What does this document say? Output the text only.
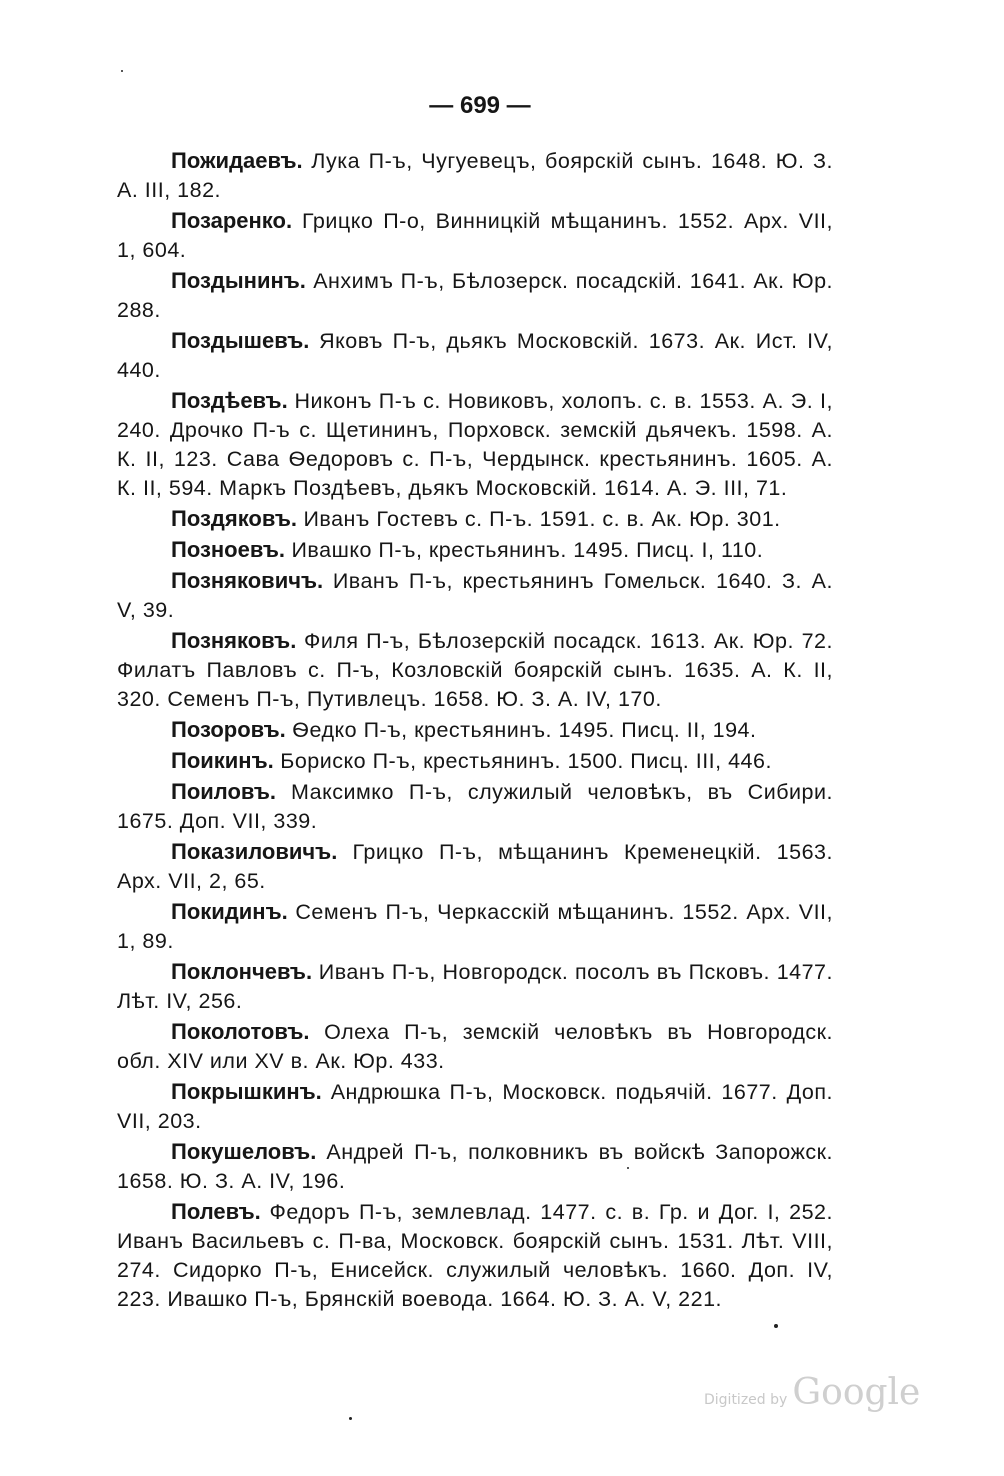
— 699 —

Пожидаевъ. Лука П-ъ, Чугуевецъ, боярскій сынъ. 1648. Ю. З. А. III, 182.

Позаренко. Грицко П-о, Винницкій мѣщанинъ. 1552. Арх. VII, 1, 604.

Поздынинъ. Анхимъ П-ъ, Бѣлозерск. посадскій. 1641. Ак. Юр. 288.

Поздышевъ. Яковъ П-ъ, дьякъ Московскій. 1673. Ак. Ист. IV, 440.

Поздѣевъ. Никонъ П-ъ с. Новиковъ, холопъ. с. в. 1553. А. Э. I, 240. Дрочко П-ъ с. Щетининъ, Порховск. земскій дьячекъ. 1598. А. К. II, 123. Сава Ѳедоровъ с. П-ъ, Чердынск. крестьянинъ. 1605. А. К. II, 594. Маркъ Поздѣевъ, дьякъ Московскій. 1614. А. Э. III, 71.

Поздяковъ. Иванъ Гостевъ с. П-ъ. 1591. с. в. Ак. Юр. 301.

Позноевъ. Ивашко П-ъ, крестьянинъ. 1495. Писц. I, 110.

Позняковичъ. Иванъ П-ъ, крестьянинъ Гомельск. 1640. З. А. V, 39.

Позняковъ. Филя П-ъ, Бѣлозерскій посадск. 1613. Ак. Юр. 72. Филатъ Павловъ с. П-ъ, Козловскій боярскій сынъ. 1635. А. К. II, 320. Семенъ П-ъ, Путивлецъ. 1658. Ю. З. А. IV, 170.

Позоровъ. Ѳедко П-ъ, крестьянинъ. 1495. Писц. II, 194.

Поикинъ. Бориско П-ъ, крестьянинъ. 1500. Писц. III, 446.

Поиловъ. Максимко П-ъ, служилый человѣкъ, въ Сибири. 1675. Доп. VII, 339.

Показиловичъ. Грицко П-ъ, мѣщанинъ Кременецкій. 1563. Арх. VII, 2, 65.

Покидинъ. Семенъ П-ъ, Черкасскій мѣщанинъ. 1552. Арх. VII, 1, 89.

Поклончевъ. Иванъ П-ъ, Новгородск. посолъ въ Псковъ. 1477. Лѣт. IV, 256.

Поколотовъ. Олеха П-ъ, земскій человѣкъ въ Новгородск. обл. XIV или XV в. Ак. Юр. 433.

Покрышкинъ. Андрюшка П-ъ, Московск. подьячій. 1677. Доп. VII, 203.

Покушеловъ. Андрей П-ъ, полковникъ въ войскѣ Запорожск. 1658. Ю. З. А. IV, 196.

Полевъ. Федоръ П-ъ, землевлад. 1477. с. в. Гр. и Дог. I, 252. Иванъ Васильевъ с. П-ва, Московск. боярскій сынъ. 1531. Лѣт. VIII, 274. Сидорко П-ъ, Енисейск. служилый человѣкъ. 1660. Доп. IV, 223. Ивашко П-ъ, Брянскій воевода. 1664. Ю. З. А. V, 221.

Digitized by Google
